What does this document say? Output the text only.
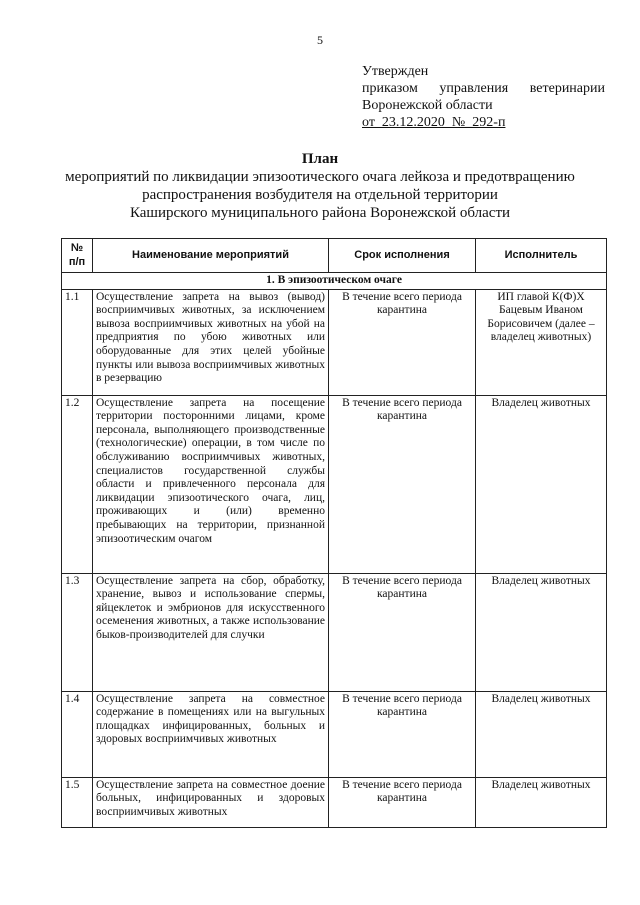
5
Утвержден
приказом управления ветеринарии
Воронежской области
от  23.12.2020  №_292-п
План
мероприятий по ликвидации эпизоотического очага лейкоза и предотвращению
распространения возбудителя на отдельной территории
Каширского муниципального района Воронежской области
№
п/п	Наименование мероприятий	Срок исполнения	Исполнитель
1. В эпизоотическом очаге			
1.1	Осуществление запрета на вывоз (вывод) восприимчивых животных, за исключением вывоза восприимчивых животных на убой на предприятия по убою животных или оборудованные для этих целей убойные пункты или вывоза восприимчивых животных в резервацию	В течение всего периода карантина	ИП главой К(Ф)Х Бацевым Иваном Борисовичем (далее – владелец животных)
1.2	Осуществление запрета на посещение территории посторонними лицами, кроме персонала, выполняющего производственные (технологические) операции, в том числе по обслуживанию восприимчивых животных, специалистов государственной службы области и привлеченного персонала для ликвидации эпизоотического очага, лиц, проживающих и (или) временно пребывающих на территории, признанной эпизоотическим очагом	В течение всего периода карантина	Владелец животных
1.3	Осуществление запрета на сбор, обработку, хранение, вывоз и использование спермы, яйцеклеток и эмбрионов для искусственного осеменения животных, а также использование быков-производителей для случки	В течение всего периода карантина	Владелец животных
1.4	Осуществление запрета на совместное содержание в помещениях или на выгульных площадках инфицированных, больных и здоровых восприимчивых животных	В течение всего периода карантина	Владелец животных
1.5	Осуществление запрета на совместное доение больных, инфицированных и здоровых восприимчивых животных	В течение всего периода карантина	Владелец животных
